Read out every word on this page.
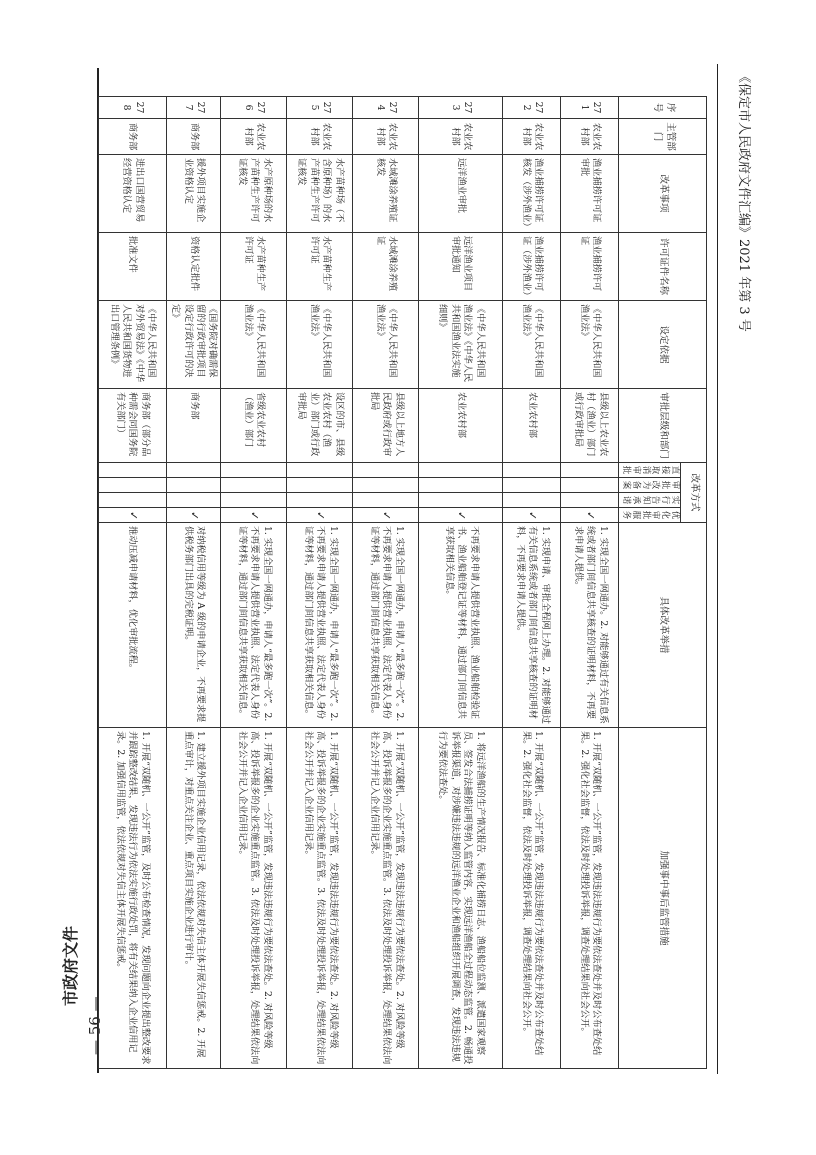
市政府文件
— 56 —
《保定市人民政府文件汇编》2021 年第 3 号
序号	主管部门	改革事项	许可证件名称	设定依据	审批层级和部门	改革方式				具体改革举措	加强事中事后监管措施
						直接取消审批	审批改为备案	实行告知承诺	优化审批服务		
271	农业农村部	渔业捕捞许可证审批	渔业捕捞许可证	《中华人民共和国渔业法》	县级以上农业农村（渔业）部门或行政审批局				✓	1. 实现全国一网通办。2. 对能够通过有关信息系统或者部门间信息共享核查的证明材料，不再要求申请人提供。	1. 开展“双随机、一公开”监管，发现违法违规行为要依法查处并及时公布查处结果。2. 强化社会监督，依法及时处理投诉举报，调查处理结果向社会公开。
272	农业农村部	渔业捕捞许可证核发（涉外渔业）	渔业捕捞许可证（涉外渔业）	《中华人民共和国渔业法》	农业农村部				✓	1. 实现申请、审批全程网上办理。2. 对能够通过有关信息系统或者部门间信息共享核查的证明材料，不再要求申请人提供。	1. 开展“双随机、一公开”监管，发现违法违规行为要依法查处并及时公布查处结果。2. 强化社会监督，依法及时处理投诉举报，调查处理结果向社会公开。
273	农业农村部	远洋渔业审批	远洋渔业项目审批通知	《中华人民共和国渔业法》《中华人民共和国渔业法实施细则》	农业农村部				✓	不再要求申请人提供营业执照、渔业船舶检验证书、渔业船舶登记证等材料，通过部门间信息共享获取相关信息。	1. 将远洋渔船的生产情况报告、标准化捕捞日志、渔船船位监测、派遣国家观察员、签发合法捕捞证明等纳入监管内容，实现远洋渔船全过程动态监管。2. 畅通投诉举报渠道，对涉嫌违法违规的远洋渔业企业和渔船组织开展调查，发现违法违规行为要依法查处。
274	农业农村部	水域滩涂养殖证核发	水域滩涂养殖证	《中华人民共和国渔业法》	县级以上地方人民政府或行政审批局				✓	1. 实现全国一网通办，申请人“最多跑一次”。2. 不再要求申请人提供营业执照、法定代表人身份证等材料，通过部门间信息共享获取相关信息。	1. 开展“双随机、一公开”监管，发现违法违规行为要依法查处。2. 对风险等级高、投诉举报多的企业实施重点监管。3. 依法及时处理投诉举报，处理结果依法向社会公开并记入企业信用记录。
275	农业农村部	水产苗种场（不含原种场）的水产苗种生产许可证核发	水产苗种生产许可证	《中华人民共和国渔业法》	设区的市、县级农业农村（渔业）部门或行政审批局				✓	1. 实现全国一网通办，申请人“最多跑一次”。2. 不再要求申请人提供营业执照、法定代表人身份证等材料，通过部门间信息共享获取相关信息。	1. 开展“双随机、一公开”监管，发现违法违规行为要依法查处。2. 对风险等级高、投诉举报多的企业实施重点监管。3. 依法及时处理投诉举报，处理结果依法向社会公开并记入企业信用记录。
276	农业农村部	水产原种场的水产苗种生产许可证核发	水产苗种生产许可证	《中华人民共和国渔业法》	省级农业农村（渔业）部门				✓	1. 实现全国一网通办，申请人“最多跑一次”。2. 不再要求申请人提供营业执照、法定代表人身份证等材料，通过部门间信息共享获取相关信息。	1. 开展“双随机、一公开”监管，发现违法违规行为要依法查处。2. 对风险等级高、投诉举报多的企业实施重点监管。3. 依法及时处理投诉举报，处理结果依法向社会公开并记入企业信用记录。
277	商务部	援外项目实施企业资格认定	资格认定批件	《国务院对确需保留的行政审批项目设定行政许可的决定》	商务部				✓	对纳税信用等级为 A 级的申请企业，不再要求提供税务部门出具的完税证明。	1. 建立援外项目实施企业信用记录，依法依规对失信主体开展失信惩戒。2. 开展重点审计，对重点关注企业、重点项目实施企业进行审计。
278	商务部	进出口国营贸易经营资格认定	批准文件	《中华人民共和国对外贸易法》《中华人民共和国货物进出口管理条例》	商务部（部分品种需会同国务院有关部门）				✓	推动压减申请材料，优化审批流程。	1. 开展“双随机、一公开”监管，及时公布检查情况，发现问题向企业提出整改要求并跟踪整改结果，发现违法行为依法实施行政处罚，将有关结果纳入企业信用记录。2. 加强信用监管，依法依规对失信主体开展失信惩戒。
